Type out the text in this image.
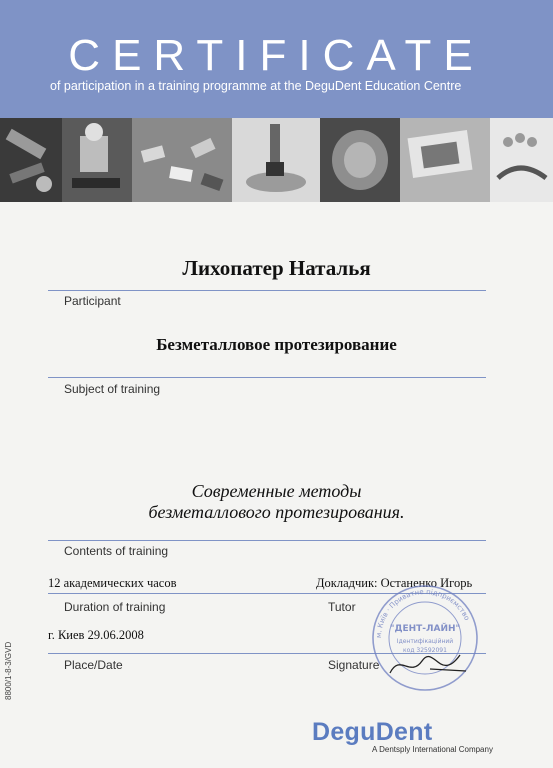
CERTIFICATE
of participation in a training programme at the DeguDent Education Centre
Лихопатер Наталья
Participant
Безметалловое протезирование
Subject of training
Современные методы
безметаллового протезирования.
Contents of training
12 академических часов	Докладчик: Останенко Игорь
Duration of training	Tutor
г. Киев 29.06.2008
Place/Date	Signature
м. Київ · Приватне підприємство
"ДЕНТ-ЛАЙН"
Ідентифікаційний
код 32592091
8800/1-8-3/GVD
DeguDent
A Dentsply International Company
